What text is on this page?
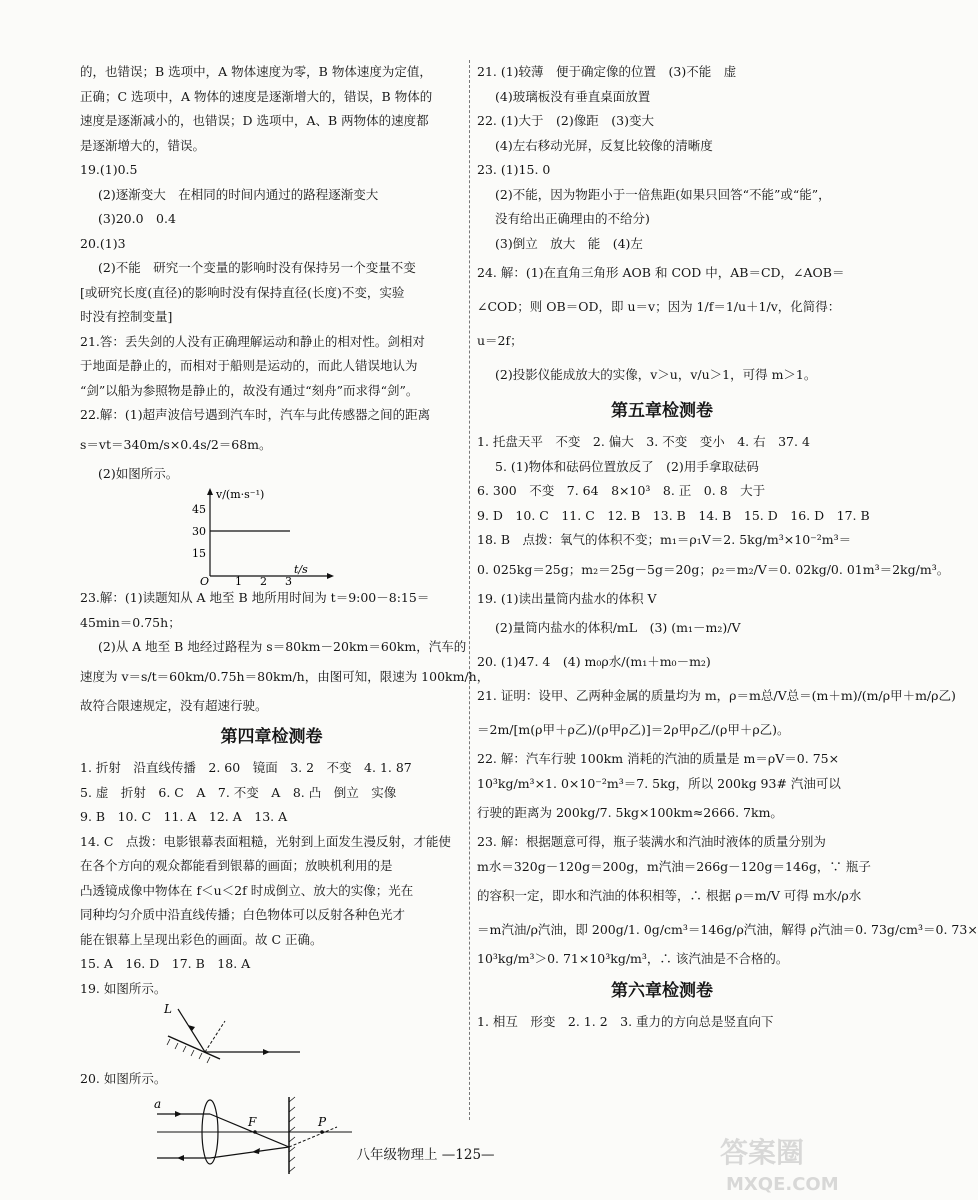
的，也错误；B 选项中，A 物体速度为零，B 物体速度为定值，
正确；C 选项中，A 物体的速度是逐渐增大的，错误，B 物体的
速度是逐渐减小的，也错误；D 选项中，A、B 两物体的速度都
是逐渐增大的，错误。
19.(1)0.5
(2)逐渐变大　在相同的时间内通过的路程逐渐变大
(3)20.0　0.4
20.(1)3
(2)不能　研究一个变量的影响时没有保持另一个变量不变
[或研究长度(直径)的影响时没有保持直径(长度)不变，实验
时没有控制变量]
21.答：丢失剑的人没有正确理解运动和静止的相对性。剑相对
于地面是静止的，而相对于船则是运动的，而此人错误地认为
“剑”以船为参照物是静止的，故没有通过“刻舟”而求得“剑”。
22.解：(1)超声波信号遇到汽车时，汽车与此传感器之间的距离
s＝vt＝340m/s×0.4s/2＝68m。
(2)如图所示。
v/(m·s⁻¹)
45
30
15
O 1 2 3
t/s
23.解：(1)读题知从 A 地至 B 地所用时间为 t＝9:00－8:15＝
45min＝0.75h；
(2)从 A 地至 B 地经过路程为 s＝80km－20km＝60km，汽车的
速度为 v＝s/t＝60km/0.75h＝80km/h，由图可知，限速为 100km/h，
故符合限速规定，没有超速行驶。
第四章检测卷
1. 折射　沿直线传播　2. 60　镜面　3. 2　不变　4. 1. 87
5. 虚　折射　6. C　A　7. 不变　A　8. 凸　倒立　实像
9. B　10. C　11. A　12. A　13. A
14. C　点拨：电影银幕表面粗糙，光射到上面发生漫反射，才能使
在各个方向的观众都能看到银幕的画面；放映机利用的是
凸透镜成像中物体在 f＜u＜2f 时成倒立、放大的实像；光在
同种均匀介质中沿直线传播；白色物体可以反射各种色光才
能在银幕上呈现出彩色的画面。故 C 正确。
15. A　16. D　17. B　18. A
19. 如图所示。
L
20. 如图所示。
a
F	P
21. (1)较薄　便于确定像的位置　(3)不能　虚
(4)玻璃板没有垂直桌面放置
22. (1)大于　(2)像距　(3)变大
(4)左右移动光屏，反复比较像的清晰度
23. (1)15. 0
(2)不能，因为物距小于一倍焦距(如果只回答“不能”或“能”，
没有给出正确理由的不给分)
(3)倒立　放大　能　(4)左
24. 解：(1)在直角三角形 AOB 和 COD 中，AB＝CD，∠AOB＝
∠COD；则 OB＝OD，即 u＝v；因为 1/f＝1/u＋1/v，化简得：
u＝2f；
(2)投影仪能成放大的实像，v＞u，v/u＞1，可得 m＞1。
第五章检测卷
1. 托盘天平　不变　2. 偏大　3. 不变　变小　4. 右　37. 4
5. (1)物体和砝码位置放反了　(2)用手拿取砝码
6. 300　不变　7. 64　8×10³　8. 正　0. 8　大于
9. D　10. C　11. C　12. B　13. B　14. B　15. D　16. D　17. B
18. B　点拨：氧气的体积不变；m₁＝ρ₁V＝2. 5kg/m³×10⁻²m³＝
0. 025kg＝25g；m₂＝25g－5g＝20g；ρ₂＝m₂/V＝0. 02kg/0. 01m³＝2kg/m³。
19. (1)读出量筒内盐水的体积 V
(2)量筒内盐水的体积/mL　(3) (m₁－m₂)/V
20. (1)47. 4　(4) m₀ρ水/(m₁＋m₀－m₂)
21. 证明：设甲、乙两种金属的质量均为 m，ρ＝m总/V总＝(m＋m)/(m/ρ甲＋m/ρ乙)
＝2m/[m(ρ甲＋ρ乙)/(ρ甲ρ乙)]＝2ρ甲ρ乙/(ρ甲＋ρ乙)。
22. 解：汽车行驶 100km 消耗的汽油的质量是 m＝ρV＝0. 75×
10³kg/m³×1. 0×10⁻²m³＝7. 5kg，所以 200kg 93# 汽油可以
行驶的距离为 200kg/7. 5kg×100km≈2666. 7km。
23. 解：根据题意可得，瓶子装满水和汽油时液体的质量分别为
m水＝320g－120g＝200g，m汽油＝266g－120g＝146g，∵ 瓶子
的容积一定，即水和汽油的体积相等，∴ 根据 ρ＝m/V 可得 m水/ρ水
＝m汽油/ρ汽油，即 200g/1. 0g/cm³＝146g/ρ汽油，解得 ρ汽油＝0. 73g/cm³＝0. 73×
10³kg/m³＞0. 71×10³kg/m³，∴ 该汽油是不合格的。
第六章检测卷
1. 相互　形变　2. 1. 2　3. 重力的方向总是竖直向下
八年级物理上 —125—	答案圈
MXQE.COM
